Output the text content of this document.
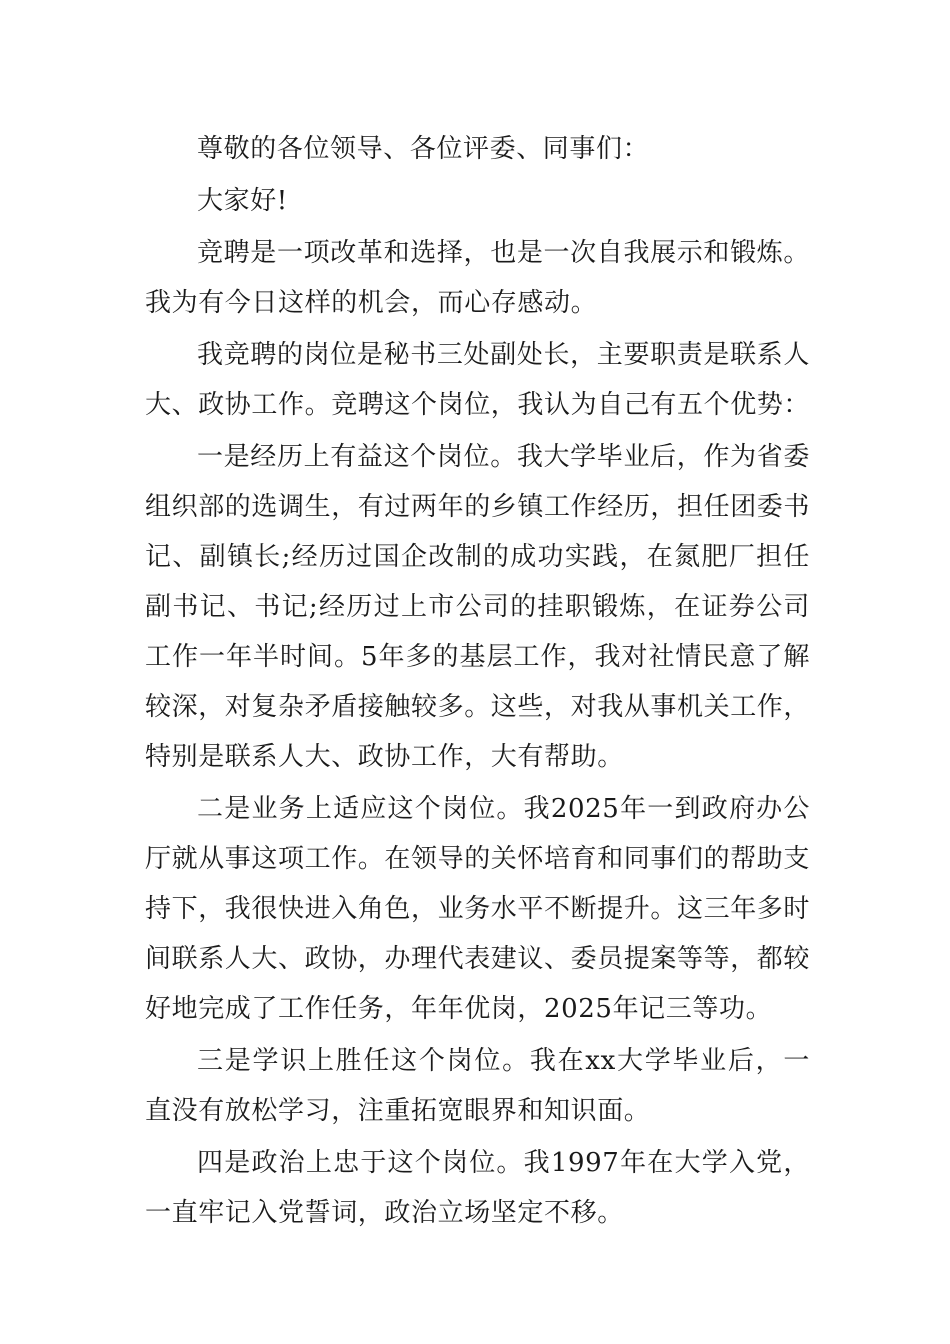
尊敬的各位领导、各位评委、同事们：

大家好!

竞聘是一项改革和选择，也是一次自我展示和锻炼。我为有今日这样的机会，而心存感动。

我竞聘的岗位是秘书三处副处长，主要职责是联系人大、政协工作。竞聘这个岗位，我认为自己有五个优势：

一是经历上有益这个岗位。我大学毕业后，作为省委组织部的选调生，有过两年的乡镇工作经历，担任团委书记、副镇长;经历过国企改制的成功实践，在氮肥厂担任副书记、书记;经历过上市公司的挂职锻炼，在证券公司工作一年半时间。5年多的基层工作，我对社情民意了解较深，对复杂矛盾接触较多。这些，对我从事机关工作，特别是联系人大、政协工作，大有帮助。

二是业务上适应这个岗位。我2025年一到政府办公厅就从事这项工作。在领导的关怀培育和同事们的帮助支持下，我很快进入角色，业务水平不断提升。这三年多时间联系人大、政协，办理代表建议、委员提案等等，都较好地完成了工作任务，年年优岗，2025年记三等功。

三是学识上胜任这个岗位。我在xx大学毕业后，一直没有放松学习，注重拓宽眼界和知识面。

四是政治上忠于这个岗位。我1997年在大学入党，一直牢记入党誓词，政治立场坚定不移。
